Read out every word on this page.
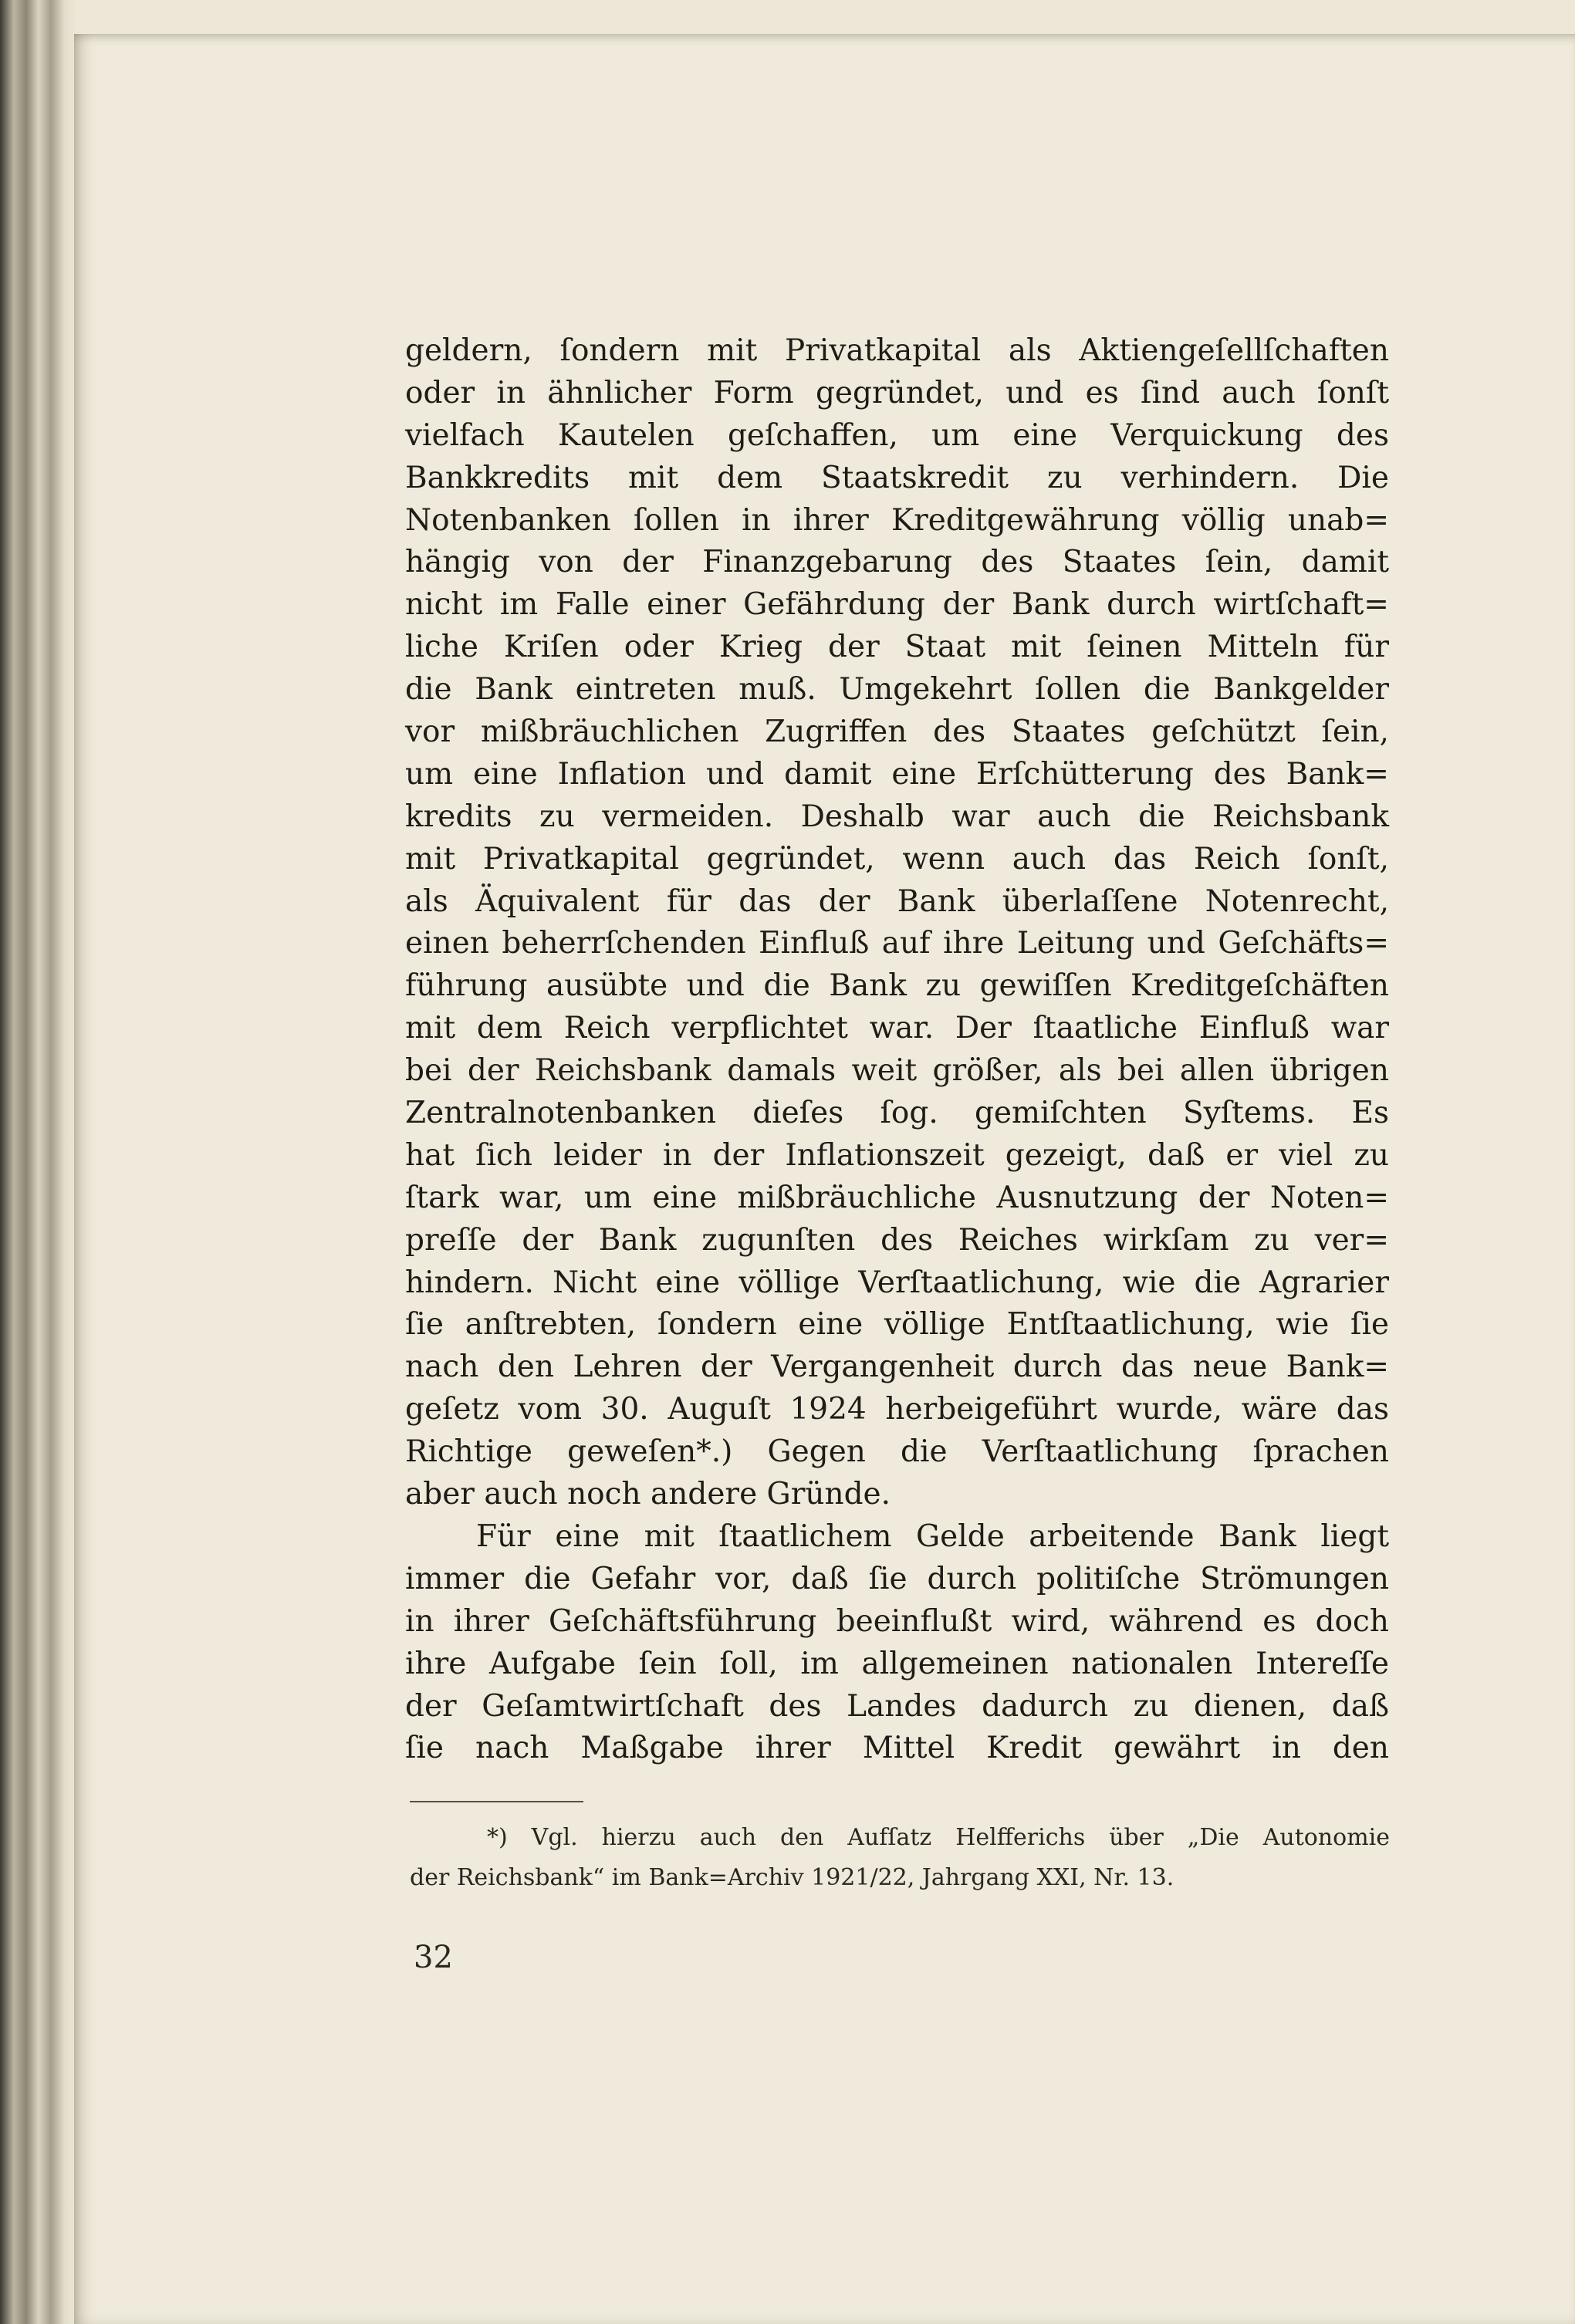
geldern, ſondern mit Privatkapital als Aktiengeſellſchaften
oder in ähnlicher Form gegründet, und es ſind auch ſonſt
vielfach Kautelen geſchaffen, um eine Verquickung des
Bankkredits mit dem Staatskredit zu verhindern. Die
Notenbanken ſollen in ihrer Kreditgewährung völlig unab=
hängig von der Finanzgebarung des Staates ſein, damit
nicht im Falle einer Gefährdung der Bank durch wirtſchaft=
liche Kriſen oder Krieg der Staat mit ſeinen Mitteln für
die Bank eintreten muß. Umgekehrt ſollen die Bankgelder
vor mißbräuchlichen Zugriffen des Staates geſchützt ſein,
um eine Inflation und damit eine Erſchütterung des Bank=
kredits zu vermeiden. Deshalb war auch die Reichsbank
mit Privatkapital gegründet, wenn auch das Reich ſonſt,
als Äquivalent für das der Bank überlaſſene Notenrecht,
einen beherrſchenden Einfluß auf ihre Leitung und Geſchäfts=
führung ausübte und die Bank zu gewiſſen Kreditgeſchäften
mit dem Reich verpflichtet war. Der ſtaatliche Einfluß war
bei der Reichsbank damals weit größer, als bei allen übrigen
Zentralnotenbanken dieſes ſog. gemiſchten Syſtems. Es
hat ſich leider in der Inflationszeit gezeigt, daß er viel zu
ſtark war, um eine mißbräuchliche Ausnutzung der Noten=
preſſe der Bank zugunſten des Reiches wirkſam zu ver=
hindern. Nicht eine völlige Verſtaatlichung, wie die Agrarier
ſie anſtrebten, ſondern eine völlige Entſtaatlichung, wie ſie
nach den Lehren der Vergangenheit durch das neue Bank=
geſetz vom 30. Auguſt 1924 herbeigeführt wurde, wäre das
Richtige geweſen*.) Gegen die Verſtaatlichung ſprachen
aber auch noch andere Gründe.
Für eine mit ſtaatlichem Gelde arbeitende Bank liegt
immer die Gefahr vor, daß ſie durch politiſche Strömungen
in ihrer Geſchäftsführung beeinflußt wird, während es doch
ihre Aufgabe ſein ſoll, im allgemeinen nationalen Intereſſe
der Geſamtwirtſchaft des Landes dadurch zu dienen, daß
ſie nach Maßgabe ihrer Mittel Kredit gewährt in den
*) Vgl. hierzu auch den Aufſatz Helfferichs über „Die Autonomie
der Reichsbank“ im Bank=Archiv 1921/22, Jahrgang XXI, Nr. 13.
32
